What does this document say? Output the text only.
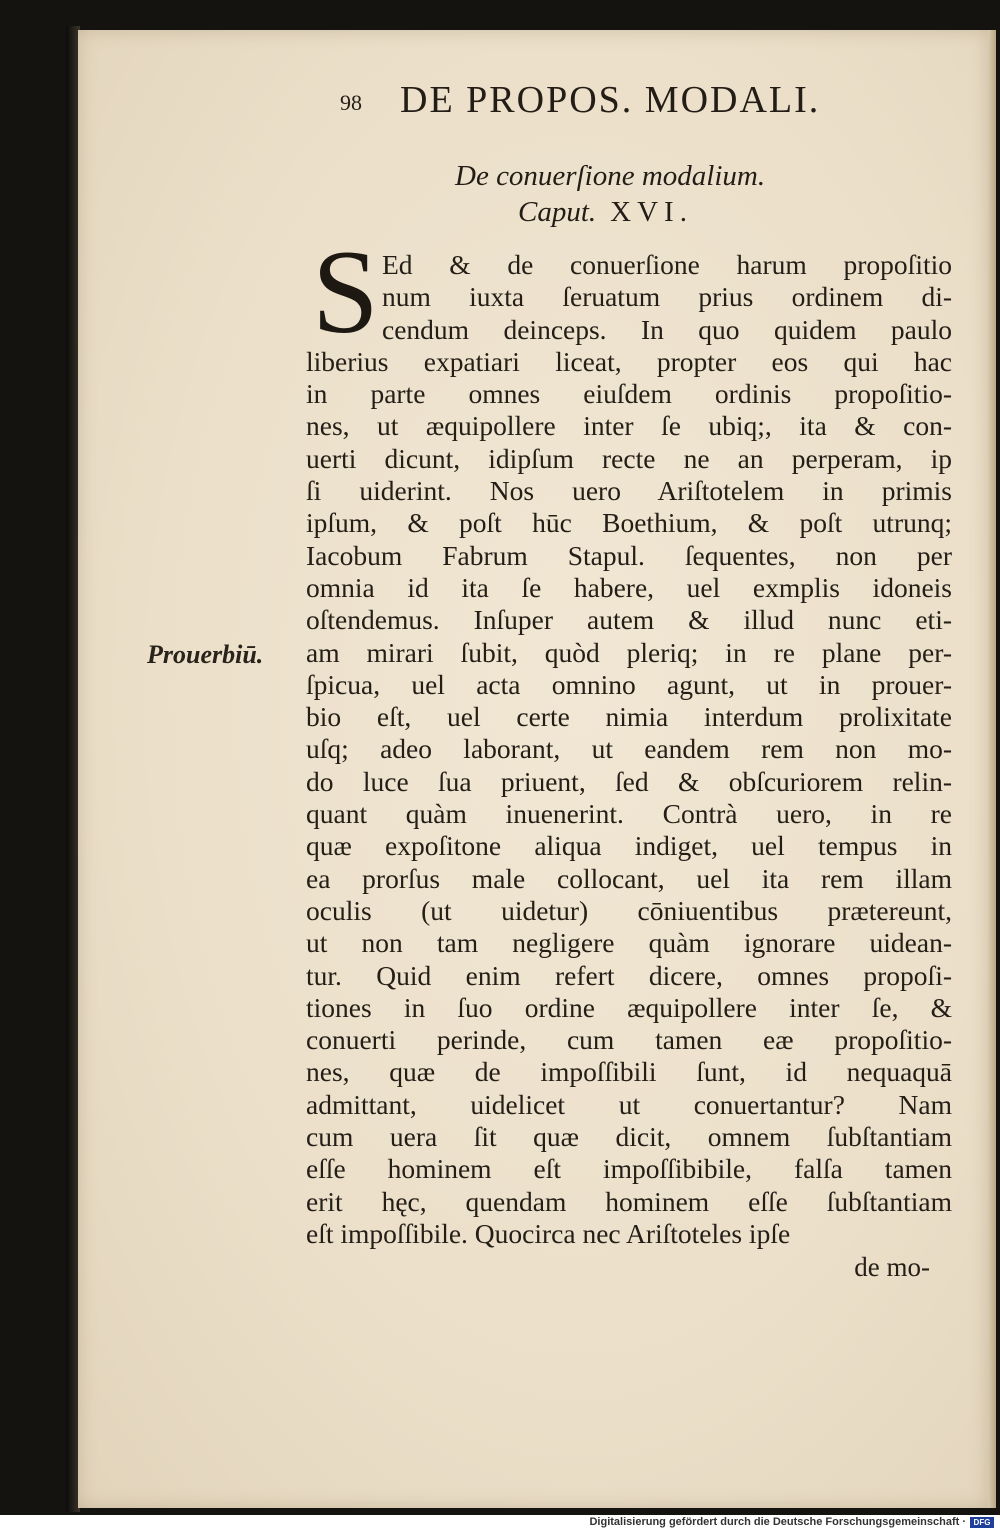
98 DE PROPOS. MODALI.
De conuerſione modalium.
Caput. XVI.
S
Prouerbiū.
Ed & de conuerſione harum propoſitio
num iuxta ſeruatum prius ordinem di-
cendum deinceps. In quo quidem paulo
liberius expatiari liceat, propter eos qui hac
in parte omnes eiuſdem ordinis propoſitio-
nes, ut æquipollere inter ſe ubiq;, ita & con-
uerti dicunt, idipſum recte ne an perperam, ip
ſi uiderint. Nos uero Ariſtotelem in primis
ipſum, & poſt hūc Boethium, & poſt utrunq;
Iacobum Fabrum Stapul. ſequentes, non per
omnia id ita ſe habere, uel exmplis idoneis
oſtendemus. Inſuper autem & illud nunc eti-
am mirari ſubit, quòd pleriq; in re plane per-
ſpicua, uel acta omnino agunt, ut in prouer-
bio eſt, uel certe nimia interdum prolixitate
uſq; adeo laborant, ut eandem rem non mo-
do luce ſua priuent, ſed & obſcuriorem relin-
quant quàm inuenerint. Contrà uero, in re
quæ expoſitone aliqua indiget, uel tempus in
ea prorſus male collocant, uel ita rem illam
oculis (ut uidetur) cōniuentibus prætereunt,
ut non tam negligere quàm ignorare uidean-
tur. Quid enim refert dicere, omnes propoſi-
tiones in ſuo ordine æquipollere inter ſe, &
conuerti perinde, cum tamen eæ propoſitio-
nes, quæ de impoſſibili ſunt, id nequaquā
admittant, uidelicet ut conuertantur? Nam
cum uera ſit quæ dicit, omnem ſubſtantiam
eſſe hominem eſt impoſſibibile, falſa tamen
erit hęc, quendam hominem eſſe ſubſtantiam
eſt impoſſibile. Quocirca nec Ariſtoteles ipſe
de mo-
Digitalisierung gefördert durch die Deutsche Forschungsgemeinschaft · DFG
